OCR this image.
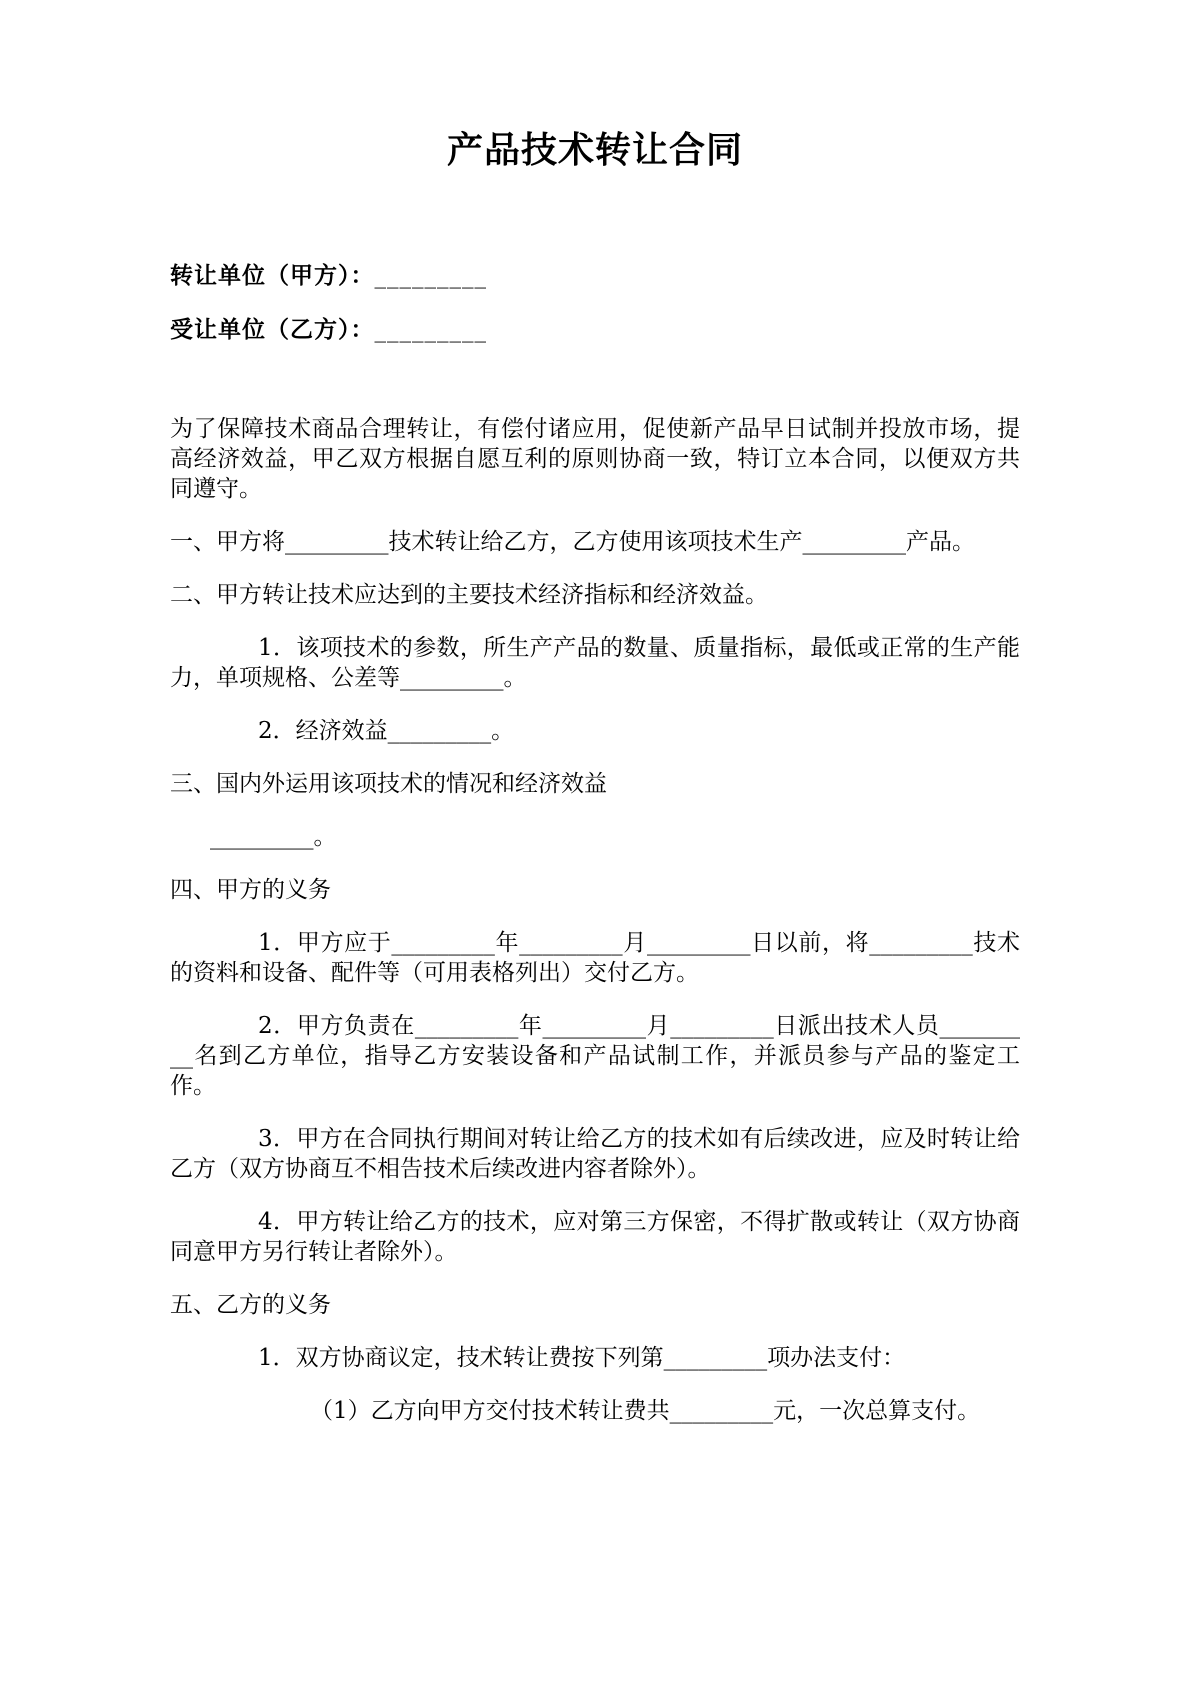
产品技术转让合同
转让单位（甲方）：_________
受让单位（乙方）：_________

为了保障技术商品合理转让，有偿付诸应用，促使新产品早日试制并投放市场，提高经济效益，甲乙双方根据自愿互利的原则协商一致，特订立本合同，以便双方共同遵守。

一、甲方将_________技术转让给乙方，乙方使用该项技术生产_________产品。

二、甲方转让技术应达到的主要技术经济指标和经济效益。

1．该项技术的参数，所生产产品的数量、质量指标，最低或正常的生产能力，单项规格、公差等_________。

2．经济效益_________。

三、国内外运用该项技术的情况和经济效益

_________。

四、甲方的义务

1．甲方应于_________年_________月_________日以前，将_________技术的资料和设备、配件等（可用表格列出）交付乙方。

2．甲方负责在_________年_________月_________日派出技术人员_________名到乙方单位，指导乙方安装设备和产品试制工作，并派员参与产品的鉴定工作。

3．甲方在合同执行期间对转让给乙方的技术如有后续改进，应及时转让给乙方（双方协商互不相告技术后续改进内容者除外）。

4．甲方转让给乙方的技术，应对第三方保密，不得扩散或转让（双方协商同意甲方另行转让者除外）。

五、乙方的义务

1．双方协商议定，技术转让费按下列第_________项办法支付：

（1）乙方向甲方交付技术转让费共_________元，一次总算支付。
